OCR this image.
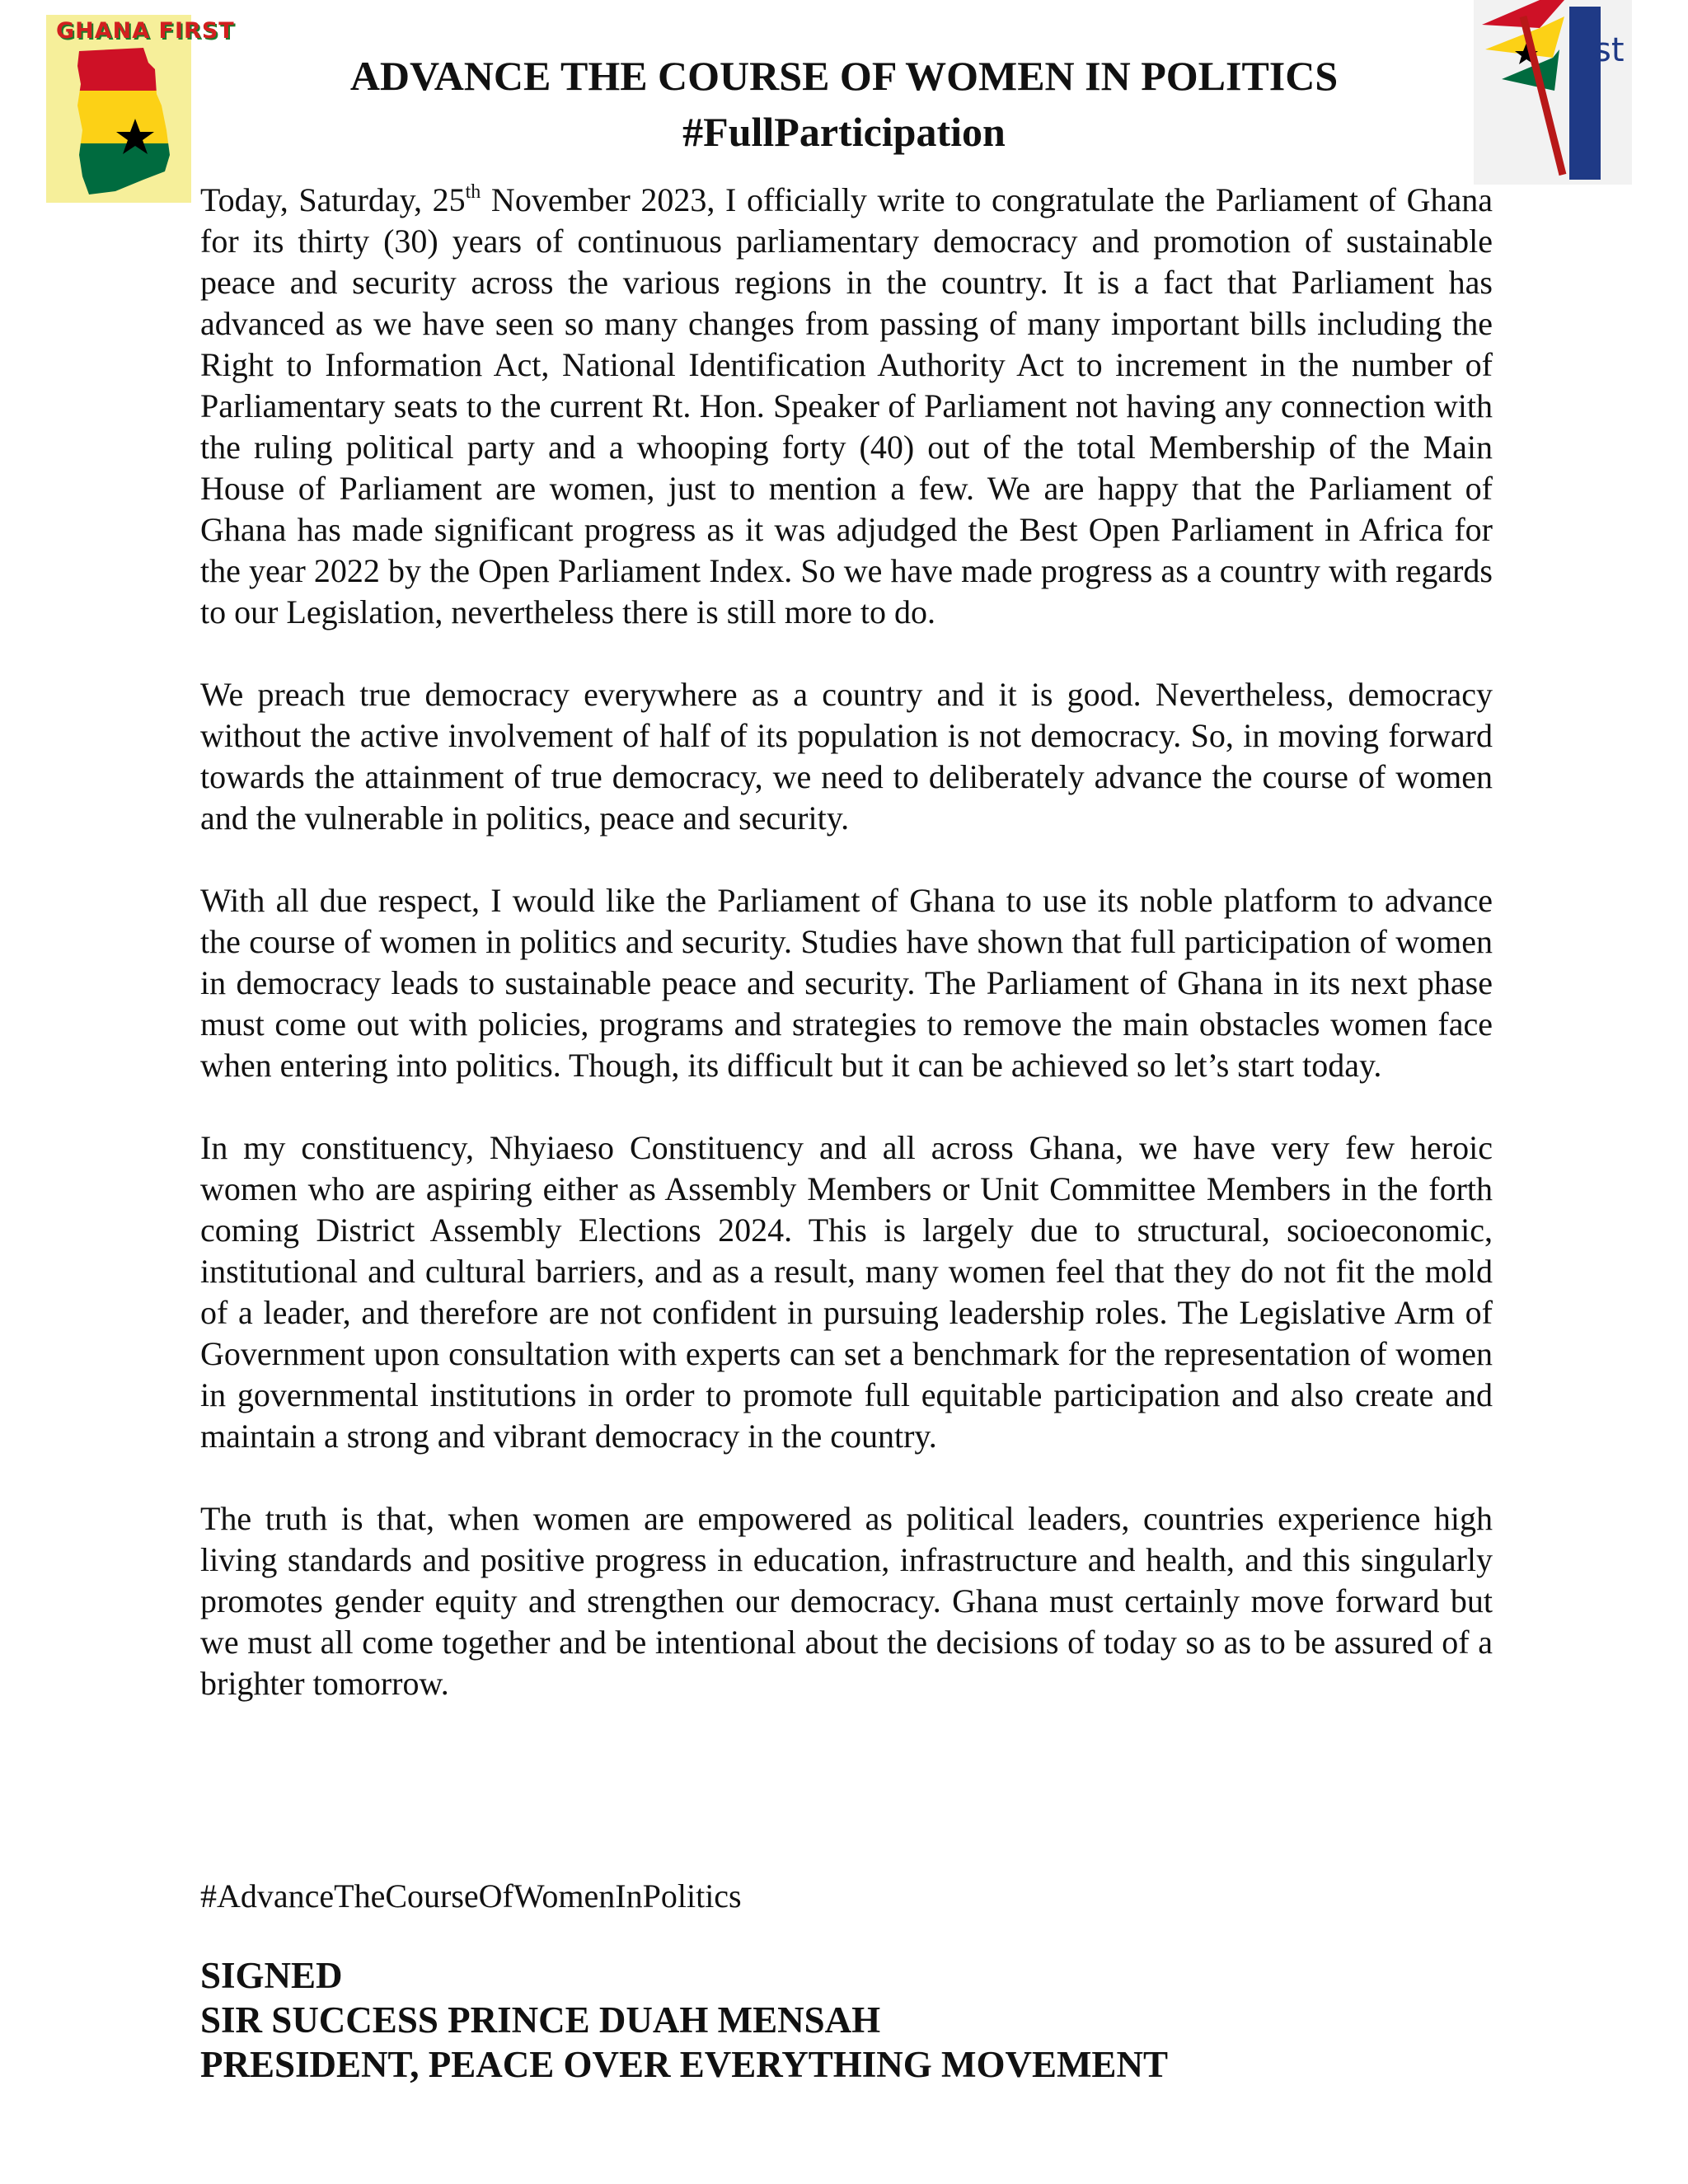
GHANA FIRST
st
ADVANCE THE COURSE OF WOMEN IN POLITICS
#FullParticipation

Today, Saturday, 25th November 2023, I officially write to congratulate the Parliament of Ghana for its thirty (30) years of continuous parliamentary democracy and promotion of sustainable peace and security across the various regions in the country. It is a fact that Parliament has advanced as we have seen so many changes from passing of many important bills including the Right to Information Act, National Identification Authority Act to increment in the number of Parliamentary seats to the current Rt. Hon. Speaker of Parliament not having any connection with the ruling political party and a whooping forty (40) out of the total Membership of the Main House of Parliament are women, just to mention a few. We are happy that the Parliament of Ghana has made significant progress as it was adjudged the Best Open Parliament in Africa for the year 2022 by the Open Parliament Index. So we have made progress as a country with regards to our Legislation, nevertheless there is still more to do.

We preach true democracy everywhere as a country and it is good. Nevertheless, democracy without the active involvement of half of its population is not democracy. So, in moving forward towards the attainment of true democracy, we need to deliberately advance the course of women and the vulnerable in politics, peace and security.

With all due respect, I would like the Parliament of Ghana to use its noble platform to advance the course of women in politics and security. Studies have shown that full participation of women in democracy leads to sustainable peace and security. The Parliament of Ghana in its next phase must come out with policies, programs and strategies to remove the main obstacles women face when entering into politics. Though, its difficult but it can be achieved so let’s start today.

In my constituency, Nhyiaeso Constituency and all across Ghana, we have very few heroic women who are aspiring either as Assembly Members or Unit Committee Members in the forth coming District Assembly Elections 2024. This is largely due to structural, socioeconomic, institutional and cultural barriers, and as a result, many women feel that they do not fit the mold of a leader, and therefore are not confident in pursuing leadership roles. The Legislative Arm of Government upon consultation with experts can set a benchmark for the representation of women in governmental institutions in order to promote full equitable participation and also create and maintain a strong and vibrant democracy in the country.

The truth is that, when women are empowered as political leaders, countries experience high living standards and positive progress in education, infrastructure and health, and this singularly promotes gender equity and strengthen our democracy. Ghana must certainly move forward but we must all come together and be intentional about the decisions of today so as to be assured of a brighter tomorrow.

#AdvanceTheCourseOfWomenInPolitics

SIGNED
SIR SUCCESS PRINCE DUAH MENSAH
PRESIDENT, PEACE OVER EVERYTHING MOVEMENT
